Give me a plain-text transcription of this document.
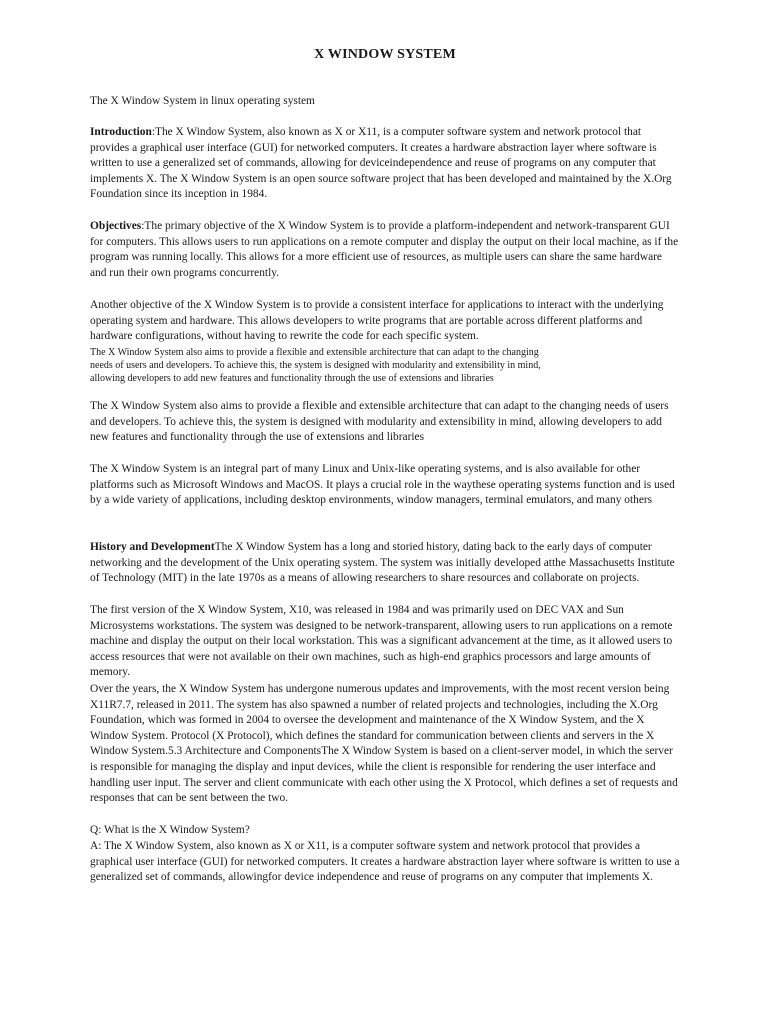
X WINDOW SYSTEM
The X Window System in linux operating system
Introduction:The X Window System, also known as X or X11, is a computer software system and network protocol that provides a graphical user interface (GUI) for networked computers. It creates a hardware abstraction layer where software is written to use a generalized set of commands, allowing for deviceindependence and reuse of programs on any computer that implements X. The X Window System is an open source software project that has been developed and maintained by the X.Org Foundation since its inception in 1984.
Objectives:The primary objective of the X Window System is to provide a platform-independent and network-transparent GUI for computers. This allows users to run applications on a remote computer and display the output on their local machine, as if the program was running locally. This allows for a more efficient use of resources, as multiple users can share the same hardware and run their own programs concurrently.
Another objective of the X Window System is to provide a consistent interface for applications to interact with the underlying operating system and hardware. This allows developers to write programs that are portable across different platforms and hardware configurations, without having to rewrite the code for each specific system.
The X Window System also aims to provide a flexible and extensible architecture that can adapt to the changing needs of users and developers. To achieve this, the system is designed with modularity and extensibility in mind, allowing developers to add new features and functionality through the use of extensions and libraries
The X Window System also aims to provide a flexible and extensible architecture that can adapt to the changing needs of users and developers. To achieve this, the system is designed with modularity and extensibility in mind, allowing developers to add new features and functionality through the use of extensions and libraries
The X Window System is an integral part of many Linux and Unix-like operating systems, and is also available for other platforms such as Microsoft Windows and MacOS. It plays a crucial role in the waythese operating systems function and is used by a wide variety of applications, including desktop environments, window managers, terminal emulators, and many others
History and DevelopmentThe X Window System has a long and storied history, dating back to the early days of computer networking and the development of the Unix operating system. The system was initially developed atthe Massachusetts Institute of Technology (MIT) in the late 1970s as a means of allowing researchers to share resources and collaborate on projects.
The first version of the X Window System, X10, was released in 1984 and was primarily used on DEC VAX and Sun Microsystems workstations. The system was designed to be network-transparent, allowing users to run applications on a remote machine and display the output on their local workstation. This was a significant advancement at the time, as it allowed users to access resources that were not available on their own machines, such as high-end graphics processors and large amounts of memory.
Over the years, the X Window System has undergone numerous updates and improvements, with the most recent version being X11R7.7, released in 2011. The system has also spawned a number of related projects and technologies, including the X.Org Foundation, which was formed in 2004 to oversee the development and maintenance of the X Window System, and the X Window System. Protocol (X Protocol), which defines the standard for communication between clients and servers in the X Window System.5.3 Architecture and ComponentsThe X Window System is based on a client-server model, in which the server is responsible for managing the display and input devices, while the client is responsible for rendering the user interface and handling user input. The server and client communicate with each other using the X Protocol, which defines a set of requests and responses that can be sent between the two.
Q: What is the X Window System?
A: The X Window System, also known as X or X11, is a computer software system and network protocol that provides a graphical user interface (GUI) for networked computers. It creates a hardware abstraction layer where software is written to use a generalized set of commands, allowingfor device independence and reuse of programs on any computer that implements X.
